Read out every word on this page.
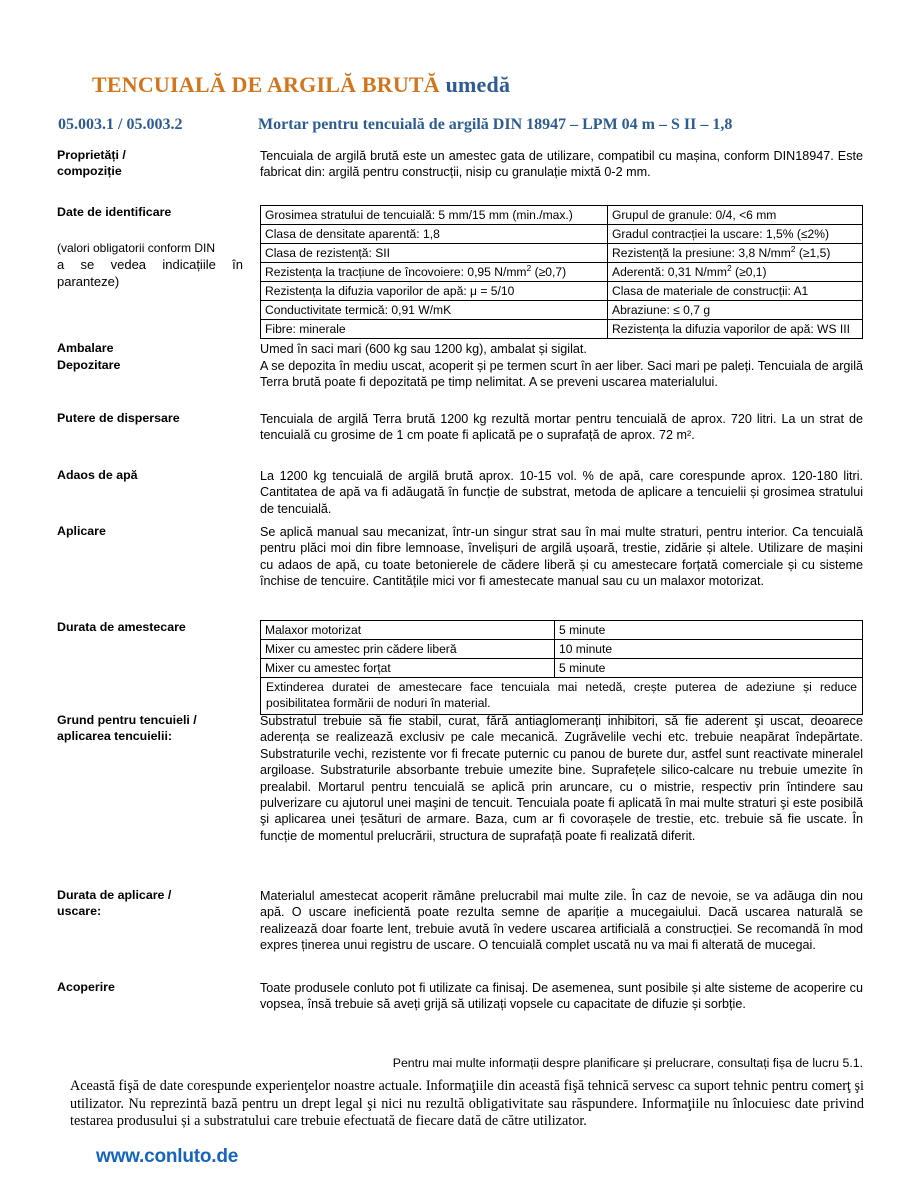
TENCUIALĂ DE ARGILĂ BRUTĂ umedă
05.003.1 / 05.003.2	Mortar pentru tencuială de argilă DIN 18947 – LPM 04 m – S II – 1,8
Proprietăți /
compoziție

Tencuiala de argilă brută este un amestec gata de utilizare, compatibil cu mașina, conform DIN18947. Este fabricat din: argilă pentru construcții, nisip cu granulație mixtă 0-2 mm.

Date de identificare
(valori obligatorii conform DIN
a se vedea indicațiile în
paranteze)
Grosimea stratului de tencuială: 5 mm/15 mm (min./max.)	Grupul de granule: 0/4, <6 mm
Clasa de densitate aparentă: 1,8	Gradul contracției la uscare: 1,5% (≤2%)
Clasa de rezistență: SII	Rezistență la presiune: 3,8 $N/mm^2$ (≥1,5)
Rezistența la tracțiune de încovoiere: 0,95 $N/mm^2$ (≥0,7)	Aderentă: 0,31 $N/mm^2$ (≥0,1)
Rezistența la difuzia vaporilor de apă: μ = 5/10	Clasa de materiale de construcții: A1
Conductivitate termică: 0,91 W/mK	Abraziune: ≤ 0,7 g
Fibre: minerale	Rezistența la difuzia vaporilor de apă: WS III
Ambalare	Umed în saci mari (600 kg sau 1200 kg), ambalat și sigilat.

Depozitare	A se depozita în mediu uscat, acoperit și pe termen scurt în aer liber. Saci mari pe paleți. Tencuiala de argilă Terra brută poate fi depozitată pe timp nelimitat. A se preveni uscarea materialului.

Putere de dispersare	Tencuiala de argilă Terra brută 1200 kg rezultă mortar pentru tencuială de aprox. 720 litri. La un strat de tencuială cu grosime de 1 cm poate fi aplicată pe o suprafață de aprox. 72 m².

Adaos de apă	La 1200 kg tencuială de argilă brută aprox. 10-15 vol. % de apă, care corespunde aprox. 120-180 litri. Cantitatea de apă va fi adăugată în funcție de substrat, metoda de aplicare a tencuielii și grosimea stratului de tencuială.

Aplicare	Se aplică manual sau mecanizat, într-un singur strat sau în mai multe straturi, pentru interior. Ca tencuială pentru plăci moi din fibre lemnoase, învelișuri de argilă ușoară, trestie, zidărie și altele. Utilizare de mașini cu adaos de apă, cu toate betonierele de cădere liberă și cu amestecare forțată comerciale și cu sisteme închise de tencuire. Cantitățile mici vor fi amestecate manual sau cu un malaxor motorizat.

Durata de amestecare	Malaxor motorizat	5 minute
Mixer cu amestec prin cădere liberă	10 minute
Mixer cu amestec forțat	5 minute
Extinderea duratei de amestecare face tencuiala mai netedă, crește puterea de adeziune și reduce posibilitatea formării de noduri în material.	
Grund pentru tencuieli /
aplicarea tencuielii:

Substratul trebuie să fie stabil, curat, fără antiaglomeranți inhibitori, să fie aderent şi uscat, deoarece aderența se realizează exclusiv pe cale mecanică. Zugrăvelile vechi etc. trebuie neapărat îndepărtate. Substraturile vechi, rezistente vor fi frecate puternic cu panou de burete dur, astfel sunt reactivate mineralel argiloase. Substraturile absorbante trebuie umezite bine. Suprafețele silico-calcare nu trebuie umezite în prealabil. Mortarul pentru tencuială se aplică prin aruncare, cu o mistrie, respectiv prin întindere sau pulverizare cu ajutorul unei maşini de tencuit. Tencuiala poate fi aplicată în mai multe straturi şi este posibilă şi aplicarea unei țesături de armare. Baza, cum ar fi covorașele de trestie, etc. trebuie să fie uscate. În funcție de momentul prelucrării, structura de suprafață poate fi realizată diferit.

Durata de aplicare /
uscare:

Materialul amestecat acoperit rămâne prelucrabil mai multe zile. În caz de nevoie, se va adăuga din nou apă. O uscare ineficientă poate rezulta semne de apariție a mucegaiului. Dacă uscarea naturală se realizează doar foarte lent, trebuie avută în vedere uscarea artificială a construcției. Se recomandă în mod expres ținerea unui registru de uscare. O tencuială complet uscată nu va mai fi alterată de mucegai.

Acoperire	Toate produsele conluto pot fi utilizate ca finisaj. De asemenea, sunt posibile și alte sisteme de acoperire cu vopsea, însă trebuie să aveți grijă să utilizați vopsele cu capacitate de difuzie și sorbție.

Pentru mai multe informații despre planificare și prelucrare, consultați fișa de lucru 5.1.
Această fişă de date corespunde experienţelor noastre actuale. Informaţiile din această fişă tehnică servesc ca suport tehnic pentru comerţ şi utilizator. Nu reprezintă bază pentru un drept legal şi nici nu rezultă obligativitate sau răspundere. Informaţiile nu înlocuiesc date privind testarea produsului și a substratului care trebuie efectuată de fiecare dată de către utilizator.
www.conluto.de
